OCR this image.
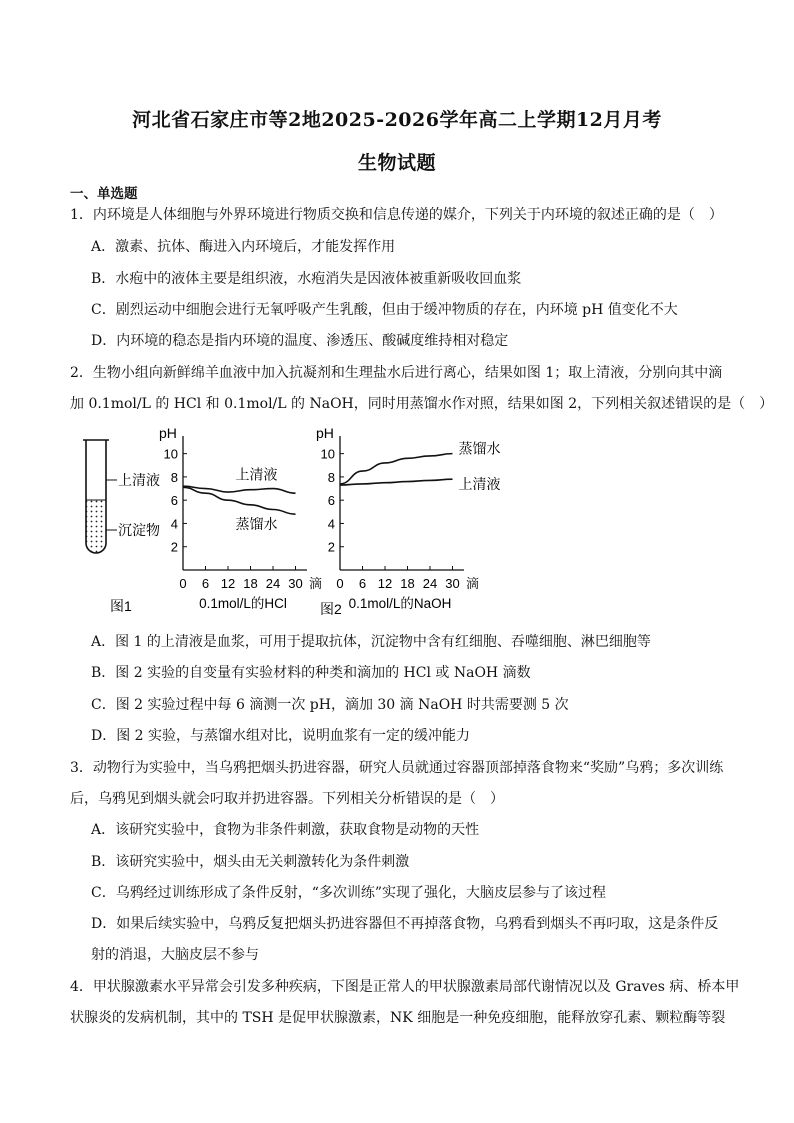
河北省石家庄市等2地2025-2026学年高二上学期12月月考
生物试题
一、单选题
1．内环境是人体细胞与外界环境进行物质交换和信息传递的媒介，下列关于内环境的叙述正确的是（　）
A．激素、抗体、酶进入内环境后，才能发挥作用
B．水疱中的液体主要是组织液，水疱消失是因液体被重新吸收回血浆
C．剧烈运动中细胞会进行无氧呼吸产生乳酸，但由于缓冲物质的存在，内环境 pH 值变化不大
D．内环境的稳态是指内环境的温度、渗透压、酸碱度维持相对稳定
2．生物小组向新鲜绵羊血液中加入抗凝剂和生理盐水后进行离心，结果如图 1；取上清液，分别向其中滴
加 0.1mol/L 的 HCl 和 0.1mol/L 的 NaOH，同时用蒸馏水作对照，结果如图 2，下列相关叙述错误的是（　）
上清液
沉淀物
图1
pH
2
4
6
8
10
0 6 12 18 24 30 滴
0.1mol/L的HCl
上清液
蒸馏水
pH
2
4
6
8
10
0 6 12 18 24 30 滴
0.1mol/L的NaOH
图2
蒸馏水
上清液
A．图 1 的上清液是血浆，可用于提取抗体，沉淀物中含有红细胞、吞噬细胞、淋巴细胞等
B．图 2 实验的自变量有实验材料的种类和滴加的 HCl 或 NaOH 滴数
C．图 2 实验过程中每 6 滴测一次 pH，滴加 30 滴 NaOH 时共需要测 5 次
D．图 2 实验，与蒸馏水组对比，说明血浆有一定的缓冲能力
3．动物行为实验中，当乌鸦把烟头扔进容器，研究人员就通过容器顶部掉落食物来“奖励”乌鸦；多次训练
后，乌鸦见到烟头就会叼取并扔进容器。下列相关分析错误的是（　）
A．该研究实验中，食物为非条件刺激，获取食物是动物的天性
B．该研究实验中，烟头由无关刺激转化为条件刺激
C．乌鸦经过训练形成了条件反射，“多次训练”实现了强化，大脑皮层参与了该过程
D．如果后续实验中，乌鸦反复把烟头扔进容器但不再掉落食物，乌鸦看到烟头不再叼取，这是条件反
射的消退，大脑皮层不参与
4．甲状腺激素水平异常会引发多种疾病，下图是正常人的甲状腺激素局部代谢情况以及 Graves 病、桥本甲
状腺炎的发病机制，其中的 TSH 是促甲状腺激素，NK 细胞是一种免疫细胞，能释放穿孔素、颗粒酶等裂
